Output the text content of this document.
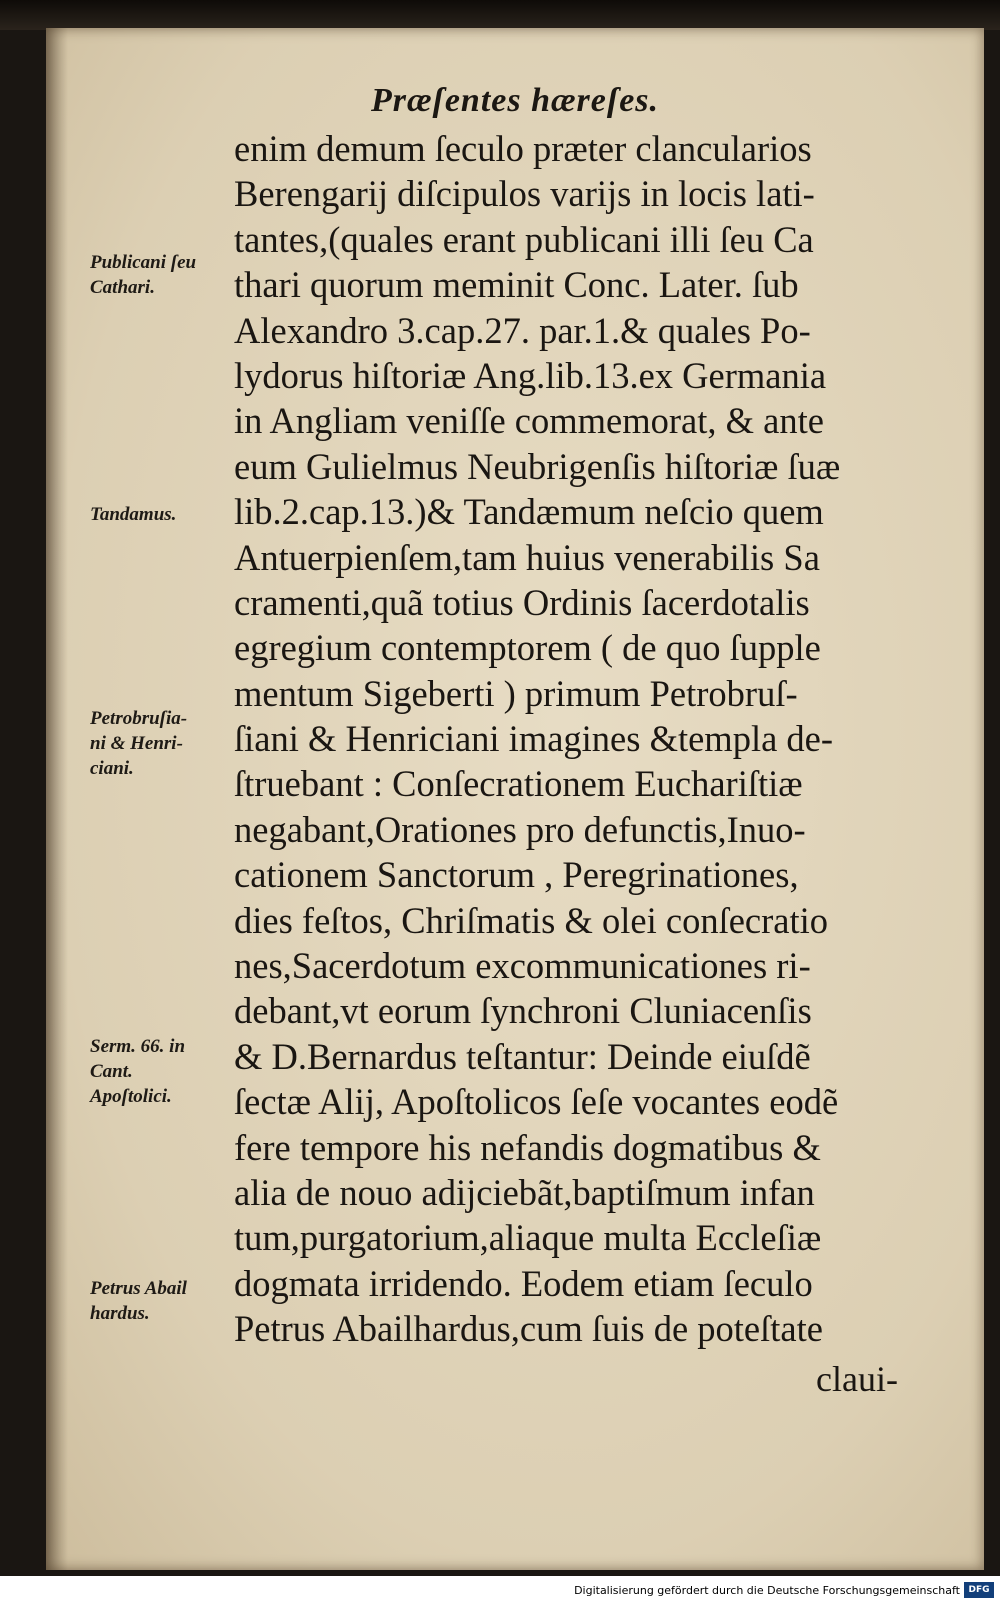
Præſentes hæreſes.
Publicani ſeu
Cathari.
Tandamus.
Petrobruſia-
ni & Henri-
ciani.
Serm. 66. in
Cant.
Apoſtolici.
Petrus Abail
hardus.
enim demum ſeculo præter clancularios
Berengarij diſcipulos varijs in locis lati-
tantes,(quales erant publicani illi ſeu Ca
thari quorum meminit Conc. Later. ſub
Alexandro 3.cap.27. par.1.& quales Po-
lydorus hiſtoriæ Ang.lib.13.ex Germania
in Angliam veniſſe commemorat, & ante
eum Gulielmus Neubrigenſis hiſtoriæ ſuæ
lib.2.cap.13.)& Tandæmum neſcio quem
Antuerpienſem,tam huius venerabilis Sa
cramenti,quã totius Ordinis ſacerdotalis
egregium contemptorem ( de quo ſupple
mentum Sigeberti ) primum Petrobruſ-
ſiani & Henriciani imagines &templa de-
ſtruebant : Conſecrationem Euchariſtiæ
negabant,Orationes pro defunctis,Inuo-
cationem Sanctorum , Peregrinationes,
dies feſtos, Chriſmatis & olei conſecratio
nes,Sacerdotum excommunicationes ri-
debant,vt eorum ſynchroni Cluniacenſis
& D.Bernardus teſtantur: Deinde eiuſdẽ
ſectæ Alij, Apoſtolicos ſeſe vocantes eodẽ
fere tempore his nefandis dogmatibus &
alia de nouo adijciebãt,baptiſmum infan
tum,purgatorium,aliaque multa Eccleſiæ
dogmata irridendo. Eodem etiam ſeculo
Petrus Abailhardus,cum ſuis de poteſtate
claui-
Digitalisierung gefördert durch die Deutsche Forschungsgemeinschaft DFG
